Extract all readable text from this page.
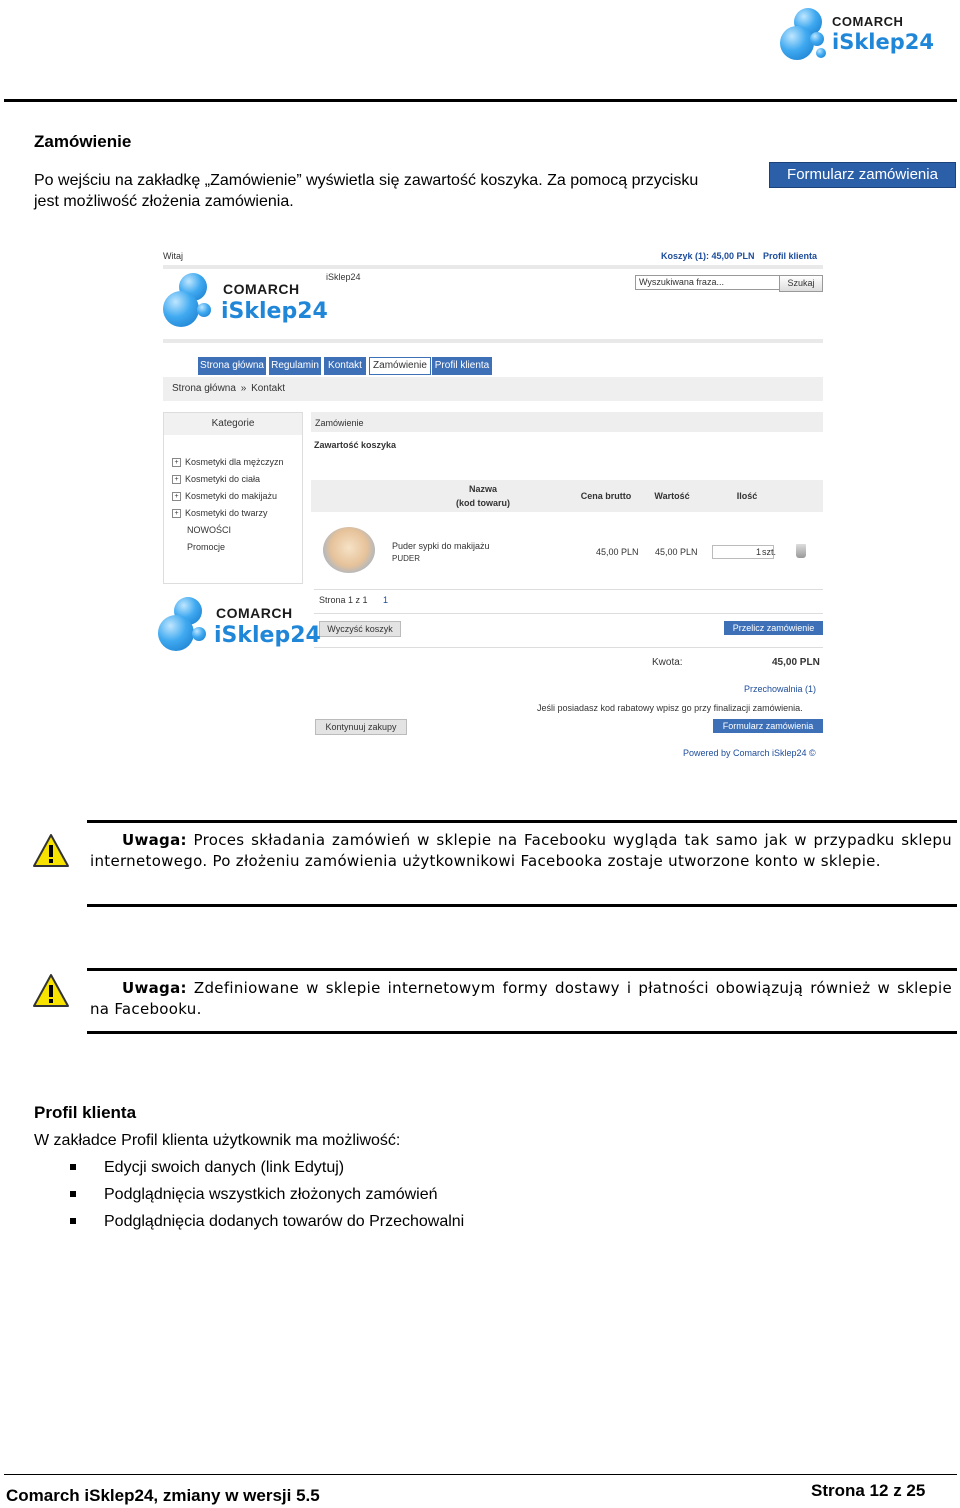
COMARCH
iSklep24
Zamówienie
Po wejściu na zakładkę „Zamówienie” wyświetla się zawartość koszyka. Za pomocą przycisku
jest możliwość złożenia zamówienia.
Formularz zamówienia
Witaj	Koszyk (1): 45,00 PLN Profil klienta
COMARCH
iSklep24
iSklep24	Wyszukiwana fraza...	Szukaj
Strona główna Regulamin Kontakt	Zamówienie Profil klienta
Strona główna » Kontakt
Kategorie
+ Kosmetyki dla mężczyzn
+ Kosmetyki do ciała
+ Kosmetyki do makijażu
+ Kosmetyki do twarzy
NOWOŚCI
Promocje
Zamówienie
Zawartość koszyka
Nazwa
(kod towaru)
Cena brutto	Wartość	Ilość
Puder sypki do makijażu
PUDER
45,00 PLN 45,00 PLN	1 szt.
Strona 1 z 1 1
Wyczyść koszyk	Przelicz zamówienie
Kwota:	45,00 PLN
Przechowalnia (1)
Jeśli posiadasz kod rabatowy wpisz go przy finalizacji zamówienia.
Kontynuuj zakupy	Formularz zamówienia
Powered by Comarch iSklep24 ©
COMARCH
iSklep24
Uwaga: Proces składania zamówień w sklepie na Facebooku wygląda tak samo jak w przypadku sklepu internetowego. Po złożeniu zamówienia użytkownikowi Facebooka zostaje utworzone konto w sklepie.
Uwaga: Zdefiniowane w sklepie internetowym formy dostawy i płatności obowiązują również w sklepie na Facebooku.
Profil klienta
W zakładce Profil klienta użytkownik ma możliwość:
Edycji swoich danych (link Edytuj)
Podglądnięcia wszystkich złożonych zamówień
Podglądnięcia dodanych towarów do Przechowalni
Comarch iSklep24, zmiany w wersji 5.5	Strona 12 z 25
